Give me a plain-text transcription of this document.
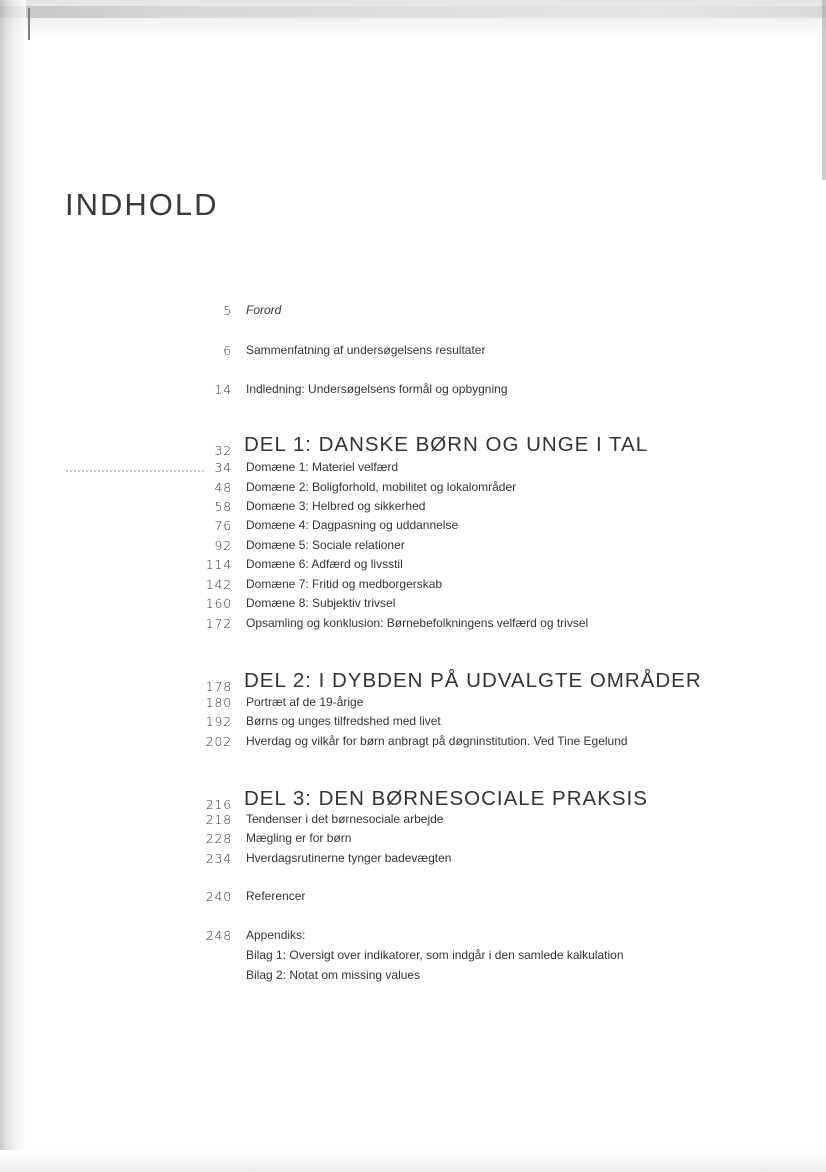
INDHOLD
5 Forord
6 Sammenfatning af undersøgelsens resultater
14 Indledning: Undersøgelsens formål og opbygning
32 DEL 1: DANSKE BØRN OG UNGE I TAL
34 Domæne 1: Materiel velfærd
48 Domæne 2: Boligforhold, mobilitet og lokalområder
58 Domæne 3: Helbred og sikkerhed
76 Domæne 4: Dagpasning og uddannelse
92 Domæne 5: Sociale relationer
114 Domæne 6: Adfærd og livsstil
142 Domæne 7: Fritid og medborgerskab
160 Domæne 8: Subjektiv trivsel
172 Opsamling og konklusion: Børnebefolkningens velfærd og trivsel
178 DEL 2: I DYBDEN PÅ UDVALGTE OMRÅDER
180 Portræt af de 19-årige
192 Børns og unges tilfredshed med livet
202 Hverdag og vilkår for børn anbragt på døgninstitution. Ved Tine Egelund
216 DEL 3: DEN BØRNESOCIALE PRAKSIS
218 Tendenser i det børnesociale arbejde
228 Mægling er for børn
234 Hverdagsrutinerne tynger badevægten
240 Referencer
248 Appendiks:
Bilag 1: Oversigt over indikatorer, som indgår i den samlede kalkulation
Bilag 2: Notat om missing values
